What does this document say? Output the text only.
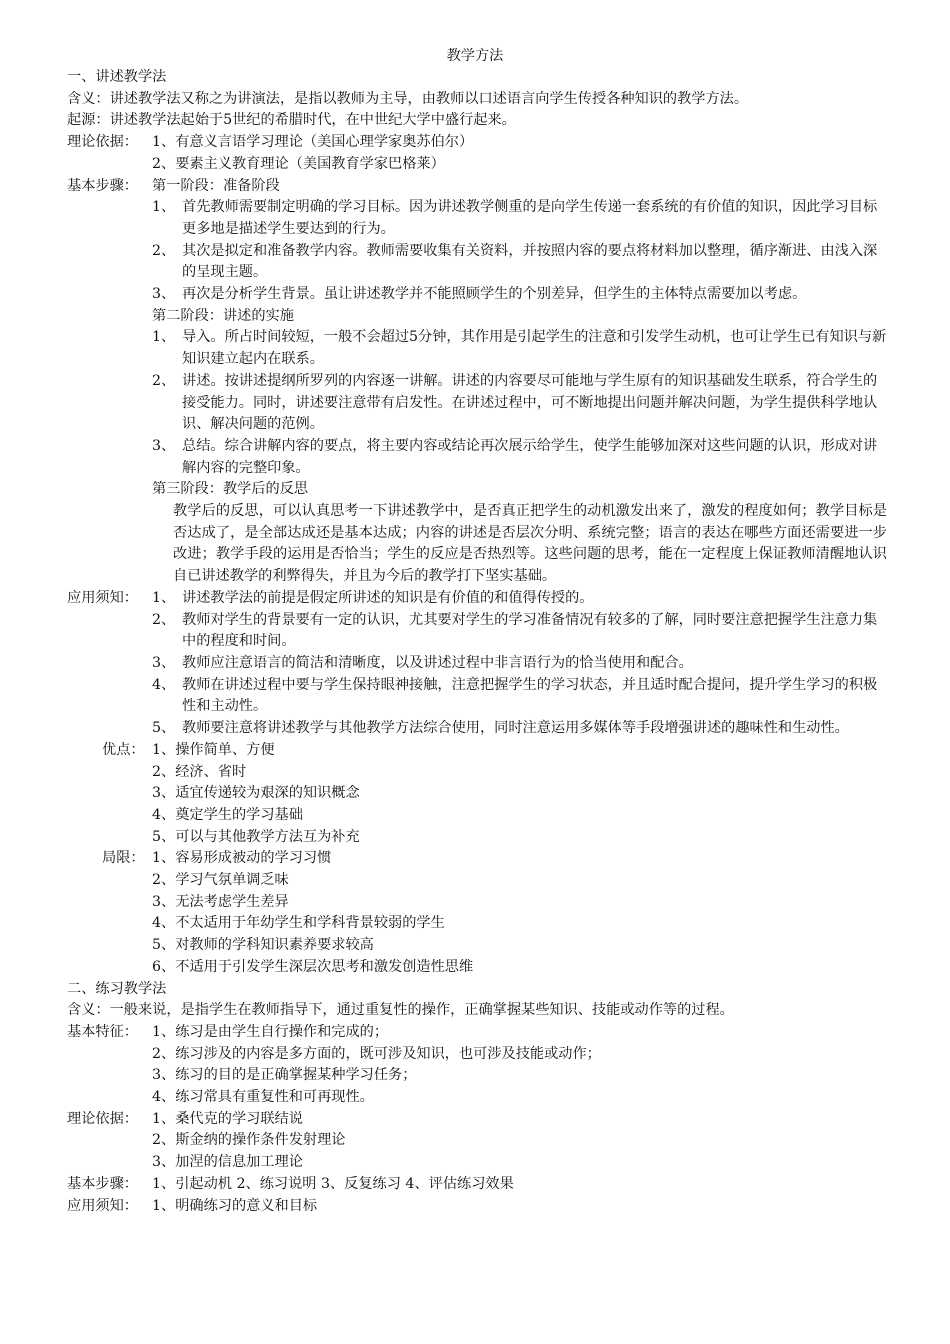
教学方法
一、讲述教学法
含义：讲述教学法又称之为讲演法，是指以教师为主导，由教师以口述语言向学生传授各种知识的教学方法。
起源：讲述教学法起始于5世纪的希腊时代，在中世纪大学中盛行起来。
理论依据： 1、有意义言语学习理论（美国心理学家奥苏伯尔）
2、要素主义教育理论（美国教育学家巴格莱）
基本步骤： 第一阶段：准备阶段
1、 首先教师需要制定明确的学习目标。因为讲述教学侧重的是向学生传递一套系统的有价值的知识，因此学习目标更多地是描述学生要达到的行为。
2、 其次是拟定和准备教学内容。教师需要收集有关资料，并按照内容的要点将材料加以整理，循序渐进、由浅入深的呈现主题。
3、 再次是分析学生背景。虽让讲述教学并不能照顾学生的个别差异，但学生的主体特点需要加以考虑。
第二阶段：讲述的实施
1、 导入。所占时间较短，一般不会超过5分钟，其作用是引起学生的注意和引发学生动机，也可让学生已有知识与新知识建立起内在联系。
2、 讲述。按讲述提纲所罗列的内容逐一讲解。讲述的内容要尽可能地与学生原有的知识基础发生联系，符合学生的接受能力。同时，讲述要注意带有启发性。在讲述过程中，可不断地提出问题并解决问题，为学生提供科学地认识、解决问题的范例。
3、 总结。综合讲解内容的要点，将主要内容或结论再次展示给学生，使学生能够加深对这些问题的认识，形成对讲解内容的完整印象。
第三阶段：教学后的反思
教学后的反思，可以认真思考一下讲述教学中，是否真正把学生的动机激发出来了，激发的程度如何；教学目标是否达成了，是全部达成还是基本达成；内容的讲述是否层次分明、系统完整；语言的表达在哪些方面还需要进一步改进；教学手段的运用是否恰当；学生的反应是否热烈等。这些问题的思考，能在一定程度上保证教师清醒地认识自已讲述教学的利弊得失，并且为今后的教学打下坚实基础。
应用须知： 1、 讲述教学法的前提是假定所讲述的知识是有价值的和值得传授的。
2、 教师对学生的背景要有一定的认识，尤其要对学生的学习准备情况有较多的了解，同时要注意把握学生注意力集中的程度和时间。
3、 教师应注意语言的简洁和清晰度，以及讲述过程中非言语行为的恰当使用和配合。
4、 教师在讲述过程中要与学生保持眼神接触，注意把握学生的学习状态，并且适时配合提问，提升学生学习的积极性和主动性。
5、 教师要注意将讲述教学与其他教学方法综合使用，同时注意运用多媒体等手段增强讲述的趣味性和生动性。
优点： 1、操作简单、方便
2、经济、省时
3、适宜传递较为艰深的知识概念
4、奠定学生的学习基础
5、可以与其他教学方法互为补充
局限： 1、容易形成被动的学习习惯
2、学习气氛单调乏味
3、无法考虑学生差异
4、不太适用于年幼学生和学科背景较弱的学生
5、对教师的学科知识素养要求较高
6、不适用于引发学生深层次思考和激发创造性思维
二、练习教学法
含义：一般来说，是指学生在教师指导下，通过重复性的操作，正确掌握某些知识、技能或动作等的过程。
基本特征： 1、练习是由学生自行操作和完成的；
2、练习涉及的内容是多方面的，既可涉及知识，也可涉及技能或动作；
3、练习的目的是正确掌握某种学习任务；
4、练习常具有重复性和可再现性。
理论依据： 1、桑代克的学习联结说
2、斯金纳的操作条件发射理论
3、加涅的信息加工理论
基本步骤： 1、引起动机 2、练习说明 3、反复练习 4、评估练习效果
应用须知： 1、明确练习的意义和目标
